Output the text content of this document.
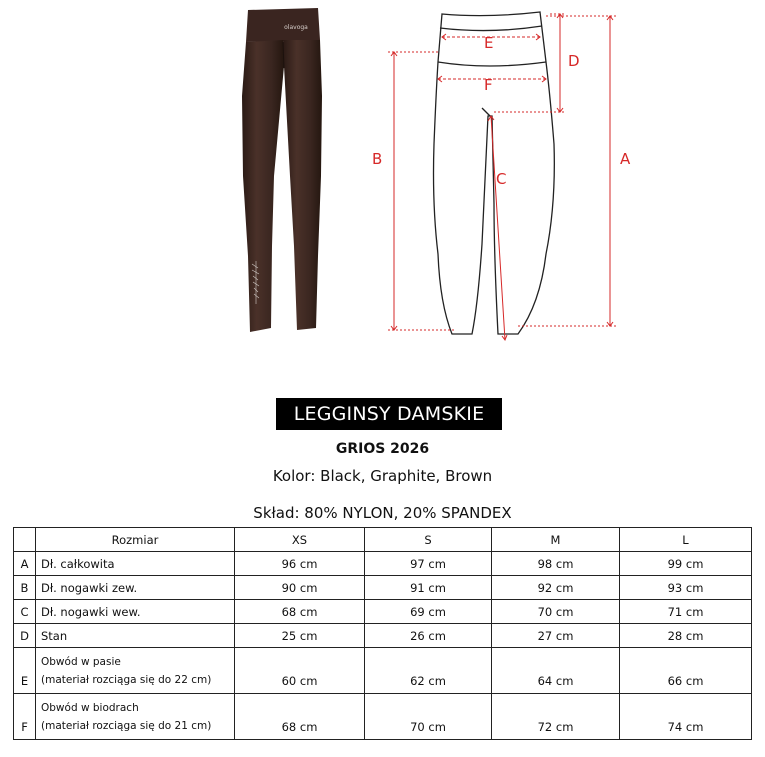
olavoga
E
F
D
A
B
C
LEGGINSY DAMSKIE
GRIOS 2026
Kolor: Black, Graphite, Brown
Skład: 80% NYLON, 20% SPANDEX
	Rozmiar	XS	S	M	L
A	Dł. całkowita	96 cm	97 cm	98 cm	99 cm
B	Dł. nogawki zew.	90 cm	91 cm	92 cm	93 cm
C	Dł. nogawki wew.	68 cm	69 cm	70 cm	71 cm
D	Stan	25 cm	26 cm	27 cm	28 cm
E	Obwód w pasie
(materiał rozciąga się do 22 cm)	60 cm	62 cm	64 cm	66 cm
F	Obwód w biodrach
(materiał rozciąga się do 21 cm)	68 cm	70 cm	72 cm	74 cm
